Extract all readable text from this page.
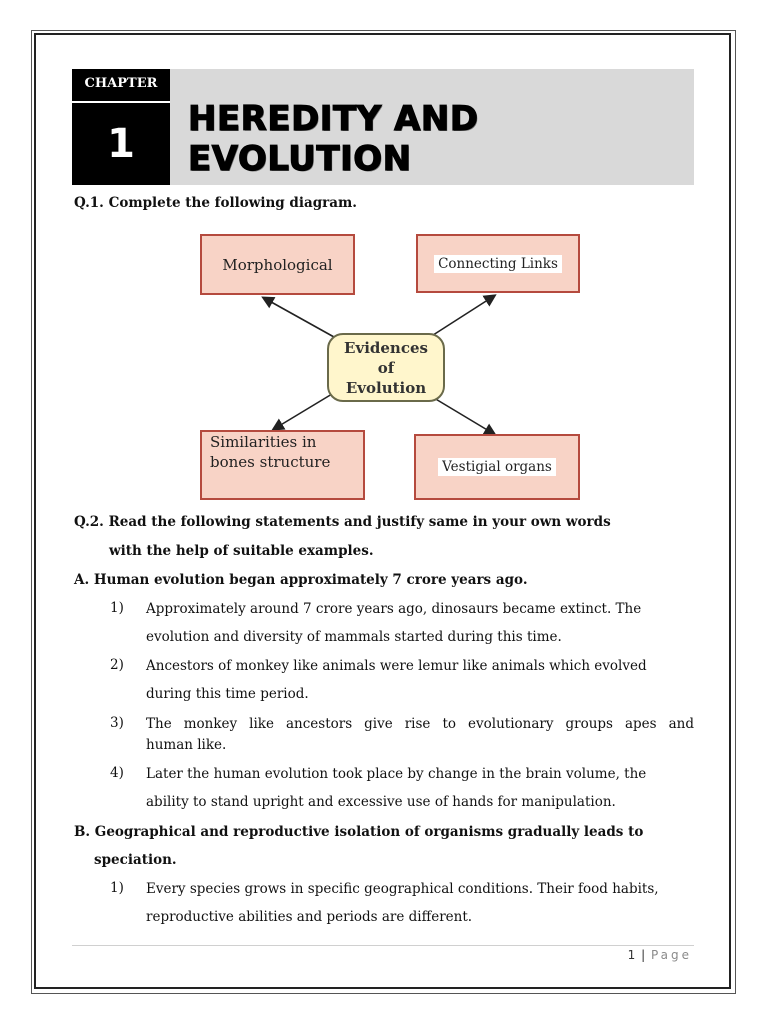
CHAPTER
1
HEREDITY AND EVOLUTION
Q.1. Complete the following diagram.
Morphological	Connecting Links
Evidences
of
Evolution
Similarities in
bones structure	Vestigial organs
Q.2. Read the following statements and justify same in your own words
with the help of suitable examples.
A. Human evolution began approximately 7 crore years ago.
1) Approximately around 7 crore years ago, dinosaurs became extinct. The
evolution and diversity of mammals started during this time.
2) Ancestors of monkey like animals were lemur like animals which evolved
during this time period.
3) The monkey like ancestors give rise to evolutionary groups apes and
human like.
4) Later the human evolution took place by change in the brain volume, the
ability to stand upright and excessive use of hands for manipulation.
B. Geographical and reproductive isolation of organisms gradually leads to
speciation.
1) Every species grows in specific geographical conditions. Their food habits,
reproductive abilities and periods are different.
1 | Page
